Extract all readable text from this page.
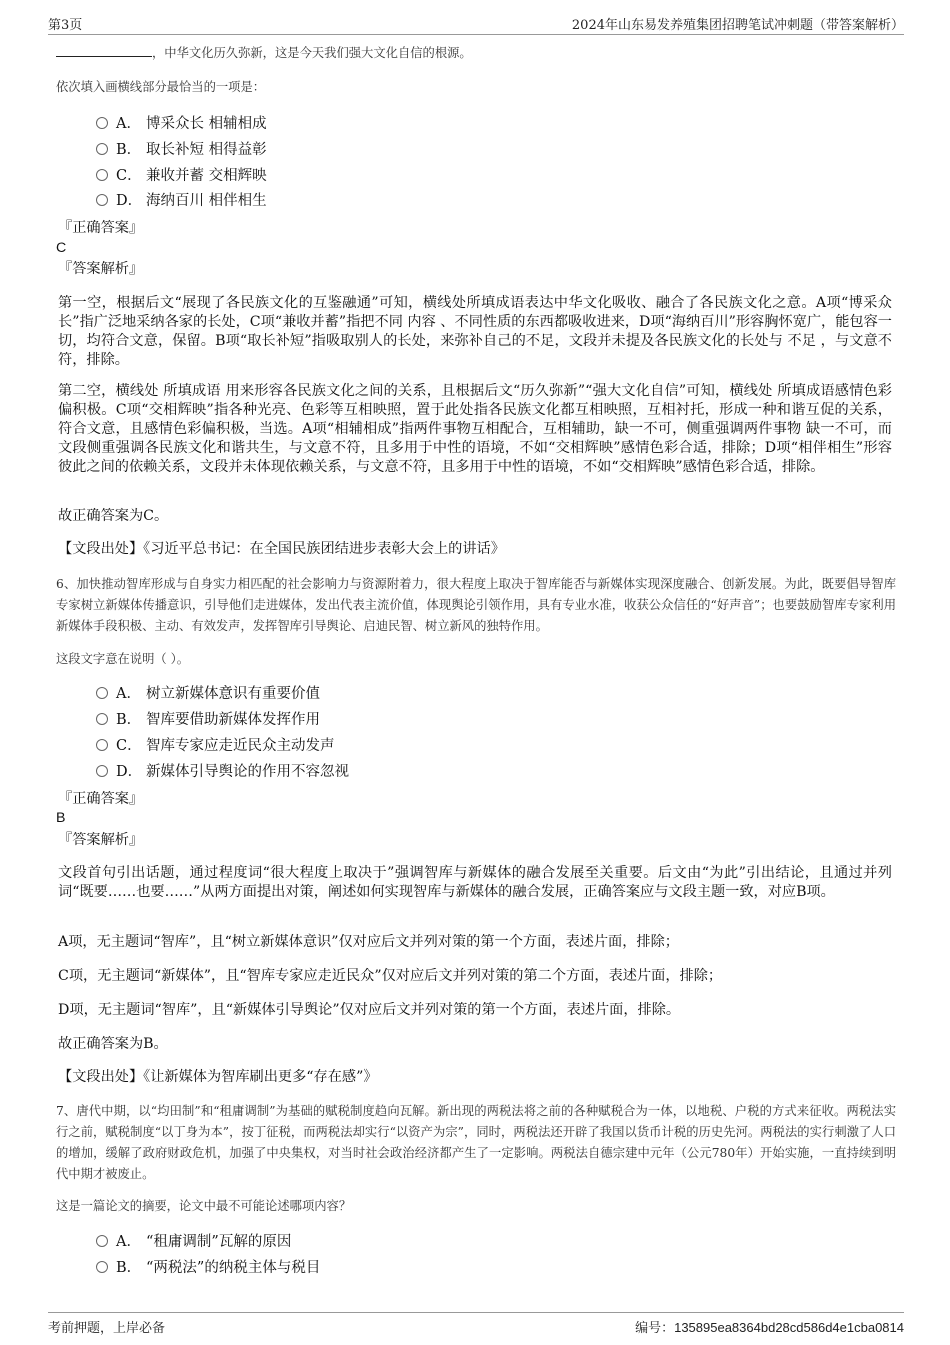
第3页	2024年山东易发养殖集团招聘笔试冲刺题（带答案解析）
，中华文化历久弥新，这是今天我们强大文化自信的根源。
依次填入画横线部分最恰当的一项是：
A． 博采众长 相辅相成
B． 取长补短 相得益彰
C． 兼收并蓄 交相辉映
D． 海纳百川 相伴相生
『正确答案』
C
『答案解析』

第一空，根据后文“展现了各民族文化的互鉴融通”可知，横线处所填成语表达中华文化吸收、融合了各民族文化之意。A项“博采众长”指广泛地采纳各家的长处，C项“兼收并蓄”指把不同 内容 、不同性质的东西都吸收进来，D项“海纳百川”形容胸怀宽广，能包容一切，均符合文意，保留。B项“取长补短”指吸取别人的长处，来弥补自己的不足，文段并未提及各民族文化的长处与 不足 ，与文意不符，排除。

第二空，横线处 所填成语 用来形容各民族文化之间的关系，且根据后文“历久弥新”“强大文化自信”可知，横线处 所填成语感情色彩偏积极。C项“交相辉映”指各种光亮、色彩等互相映照，置于此处指各民族文化都互相映照，互相衬托，形成一种和谐互促的关系， 符合文意，且感情色彩偏积极，当选。A项“相辅相成”指两件事物互相配合，互相辅助，缺一不可，侧重强调两件事物 缺一不可，而文段侧重强调各民族文化和谐共生，与文意不符，且多用于中性的语境，不如“交相辉映”感情色彩合适，排除；D项“相伴相生”形容彼此之间的依赖关系，文段并未体现依赖关系，与文意不符，且多用于中性的语境，不如“交相辉映”感情色彩合适，排除。

故正确答案为C。

【文段出处】《习近平总书记：在全国民族团结进步表彰大会上的讲话》

6、加快推动智库形成与自身实力相匹配的社会影响力与资源附着力，很大程度上取决于智库能否与新媒体实现深度融合、创新发展。为此，既要倡导智库专家树立新媒体传播意识，引导他们走进媒体，发出代表主流价值，体现舆论引领作用，具有专业水准，收获公众信任的“好声音”；也要鼓励智库专家利用新媒体手段积极、主动、有效发声，发挥智库引导舆论、启迪民智、树立新风的独特作用。
这段文字意在说明（ ）。
A． 树立新媒体意识有重要价值
B． 智库要借助新媒体发挥作用
C． 智库专家应走近民众主动发声
D． 新媒体引导舆论的作用不容忽视
『正确答案』
B
『答案解析』

文段首句引出话题，通过程度词“很大程度上取决于”强调智库与新媒体的融合发展至关重要。后文由“为此”引出结论，且通过并列词“既要……也要……”从两方面提出对策，阐述如何实现智库与新媒体的融合发展，正确答案应与文段主题一致，对应B项。

A项，无主题词“智库”，且“树立新媒体意识”仅对应后文并列对策的第一个方面，表述片面，排除；

C项，无主题词“新媒体”，且“智库专家应走近民众”仅对应后文并列对策的第二个方面，表述片面，排除；

D项，无主题词“智库”，且“新媒体引导舆论”仅对应后文并列对策的第一个方面，表述片面，排除。

故正确答案为B。

【文段出处】《让新媒体为智库刷出更多“存在感”》

7、唐代中期，以“均田制”和“租庸调制”为基础的赋税制度趋向瓦解。新出现的两税法将之前的各种赋税合为一体，以地税、户税的方式来征收。两税法实行之前，赋税制度“以丁身为本”，按丁征税，而两税法却实行“以资产为宗”，同时，两税法还开辟了我国以货币计税的历史先河。两税法的实行刺激了人口的增加，缓解了政府财政危机，加强了中央集权，对当时社会政治经济都产生了一定影响。两税法自德宗建中元年（公元780年）开始实施，一直持续到明代中期才被废止。
这是一篇论文的摘要，论文中最不可能论述哪项内容？
A． “租庸调制”瓦解的原因
B． “两税法”的纳税主体与税目
考前押题，上岸必备	编号：135895ea8364bd28cd586d4e1cba0814
